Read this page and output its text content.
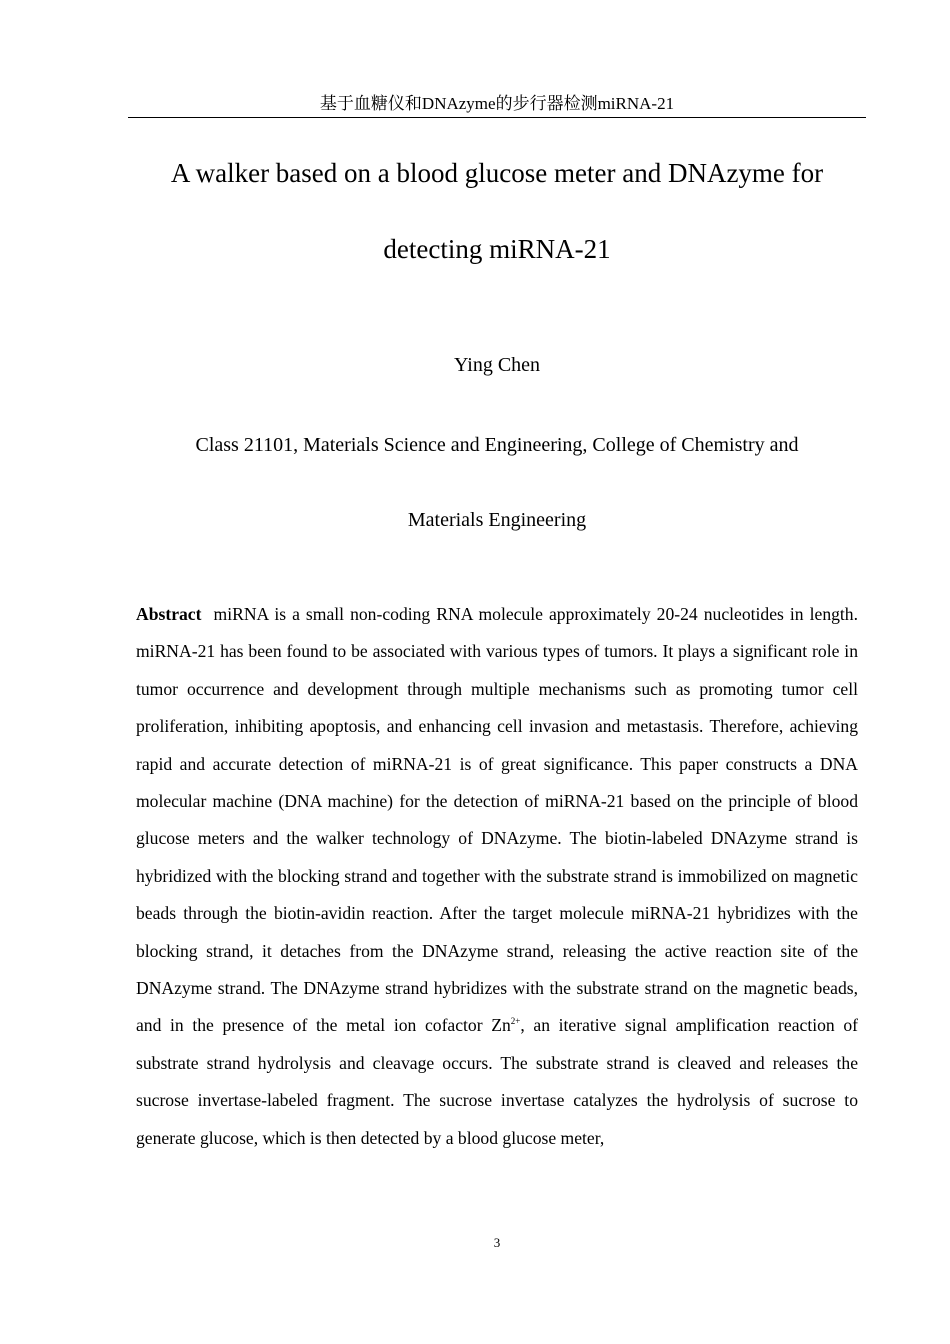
基于血糖仪和DNAzyme的步行器检测miRNA-21
A walker based on a blood glucose meter and DNAzyme for
detecting miRNA-21
Ying Chen
Class 21101, Materials Science and Engineering, College of Chemistry and
Materials Engineering

Abstract miRNA is a small non-coding RNA molecule approximately 20-24 nucleotides in length. miRNA-21 has been found to be associated with various types of tumors. It plays a significant role in tumor occurrence and development through multiple mechanisms such as promoting tumor cell proliferation, inhibiting apoptosis, and enhancing cell invasion and metastasis. Therefore, achieving rapid and accurate detection of miRNA-21 is of great significance. This paper constructs a DNA molecular machine (DNA machine) for the detection of miRNA-21 based on the principle of blood glucose meters and the walker technology of DNAzyme. The biotin-labeled DNAzyme strand is hybridized with the blocking strand and together with the substrate strand is immobilized on magnetic beads through the biotin-avidin reaction. After the target molecule miRNA-21 hybridizes with the blocking strand, it detaches from the DNAzyme strand, releasing the active reaction site of the DNAzyme strand. The DNAzyme strand hybridizes with the substrate strand on the magnetic beads, and in the presence of the metal ion cofactor $Zn^{2+}$, an iterative signal amplification reaction of substrate strand hydrolysis and cleavage occurs. The substrate strand is cleaved and releases the sucrose invertase-labeled fragment. The sucrose invertase catalyzes the hydrolysis of sucrose to generate glucose, which is then detected by a blood glucose meter,

3
